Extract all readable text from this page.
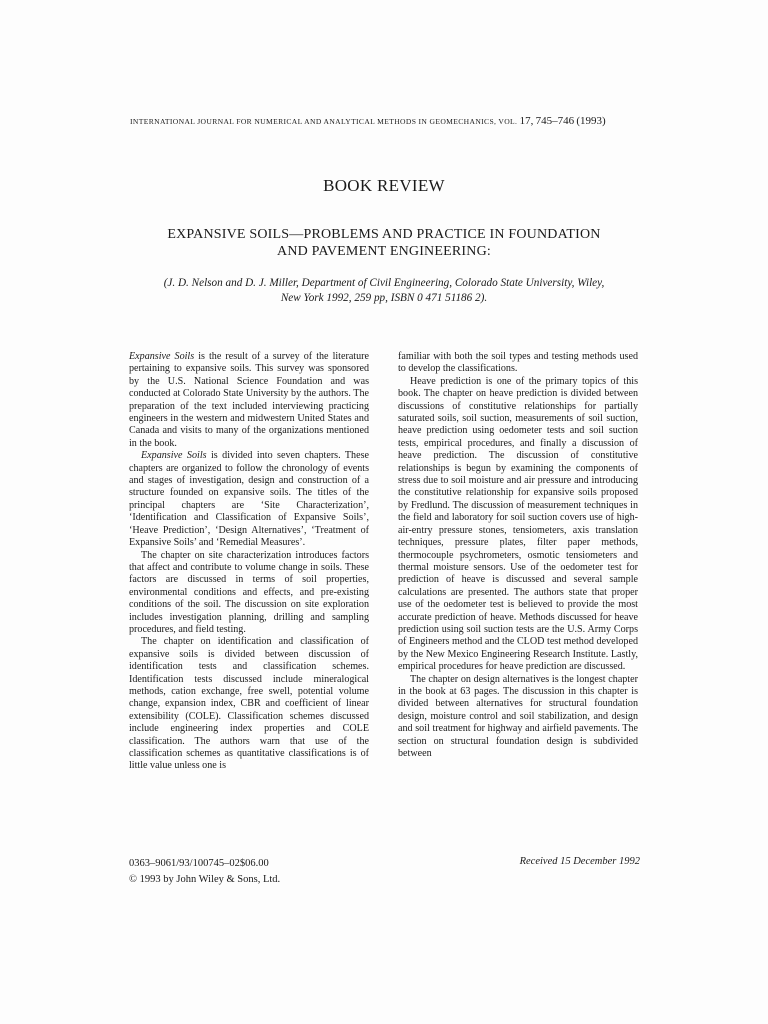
INTERNATIONAL JOURNAL FOR NUMERICAL AND ANALYTICAL METHODS IN GEOMECHANICS, VOL. 17, 745–746 (1993)
BOOK REVIEW
EXPANSIVE SOILS—PROBLEMS AND PRACTICE IN FOUNDATION
AND PAVEMENT ENGINEERING:
(J. D. Nelson and D. J. Miller, Department of Civil Engineering, Colorado State University, Wiley,
New York 1992, 259 pp, ISBN 0 471 51186 2).

Expansive Soils is the result of a survey of the literature pertaining to expansive soils. This survey was sponsored by the U.S. National Science Foundation and was conducted at Colorado State University by the authors. The preparation of the text included interviewing practicing engineers in the western and midwestern United States and Canada and visits to many of the organizations mentioned in the book.

Expansive Soils is divided into seven chapters. These chapters are organized to follow the chronology of events and stages of investigation, design and construction of a structure founded on expansive soils. The titles of the principal chapters are ‘Site Characterization’, ‘Identification and Classification of Expansive Soils’, ‘Heave Prediction’, ‘Design Alternatives’, ‘Treatment of Expansive Soils’ and ‘Remedial Measures’.

The chapter on site characterization introduces factors that affect and contribute to volume change in soils. These factors are discussed in terms of soil properties, environmental conditions and effects, and pre-existing conditions of the soil. The discussion on site exploration includes investigation planning, drilling and sampling procedures, and field testing.

The chapter on identification and classification of expansive soils is divided between discussion of identification tests and classification schemes. Identification tests discussed include mineralogical methods, cation exchange, free swell, potential volume change, expansion index, CBR and coefficient of linear extensibility (COLE). Classification schemes discussed include engineering index properties and COLE classification. The authors warn that use of the classification schemes as quantitative classifications is of little value unless one is

familiar with both the soil types and testing methods used to develop the classifications.

Heave prediction is one of the primary topics of this book. The chapter on heave prediction is divided between discussions of constitutive relationships for partially saturated soils, soil suction, measurements of soil suction, heave prediction using oedometer tests and soil suction tests, empirical procedures, and finally a discussion of heave prediction. The discussion of constitutive relationships is begun by examining the components of stress due to soil moisture and air pressure and introducing the constitutive relationship for expansive soils proposed by Fredlund. The discussion of measurement techniques in the field and laboratory for soil suction covers use of high-air-entry pressure stones, tensiometers, axis translation techniques, pressure plates, filter paper methods, thermocouple psychrometers, osmotic tensiometers and thermal moisture sensors. Use of the oedometer test for prediction of heave is discussed and several sample calculations are presented. The authors state that proper use of the oedometer test is believed to provide the most accurate prediction of heave. Methods discussed for heave prediction using soil suction tests are the U.S. Army Corps of Engineers method and the CLOD test method developed by the New Mexico Engineering Research Institute. Lastly, empirical procedures for heave prediction are discussed.

The chapter on design alternatives is the longest chapter in the book at 63 pages. The discussion in this chapter is divided between alternatives for structural foundation design, moisture control and soil stabilization, and design and soil treatment for highway and airfield pavements. The section on structural foundation design is subdivided between

0363–9061/93/100745–02$06.00
© 1993 by John Wiley & Sons, Ltd.
Received 15 December 1992
